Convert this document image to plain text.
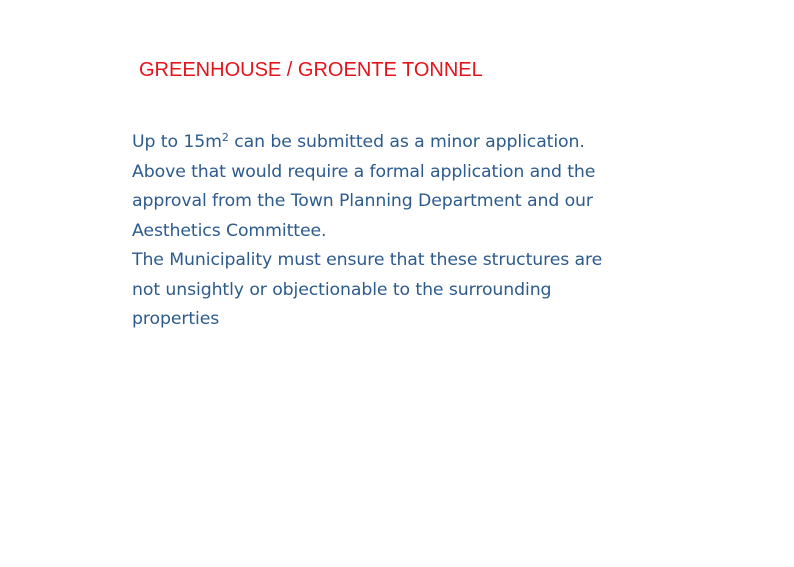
GREENHOUSE / GROENTE TONNEL

Up to $15m^2$ can be submitted as a minor application.
Above that would require a formal application and the
approval from the Town Planning Department and our
Aesthetics Committee.

The Municipality must ensure that these structures are
not unsightly or objectionable to the surrounding
properties
